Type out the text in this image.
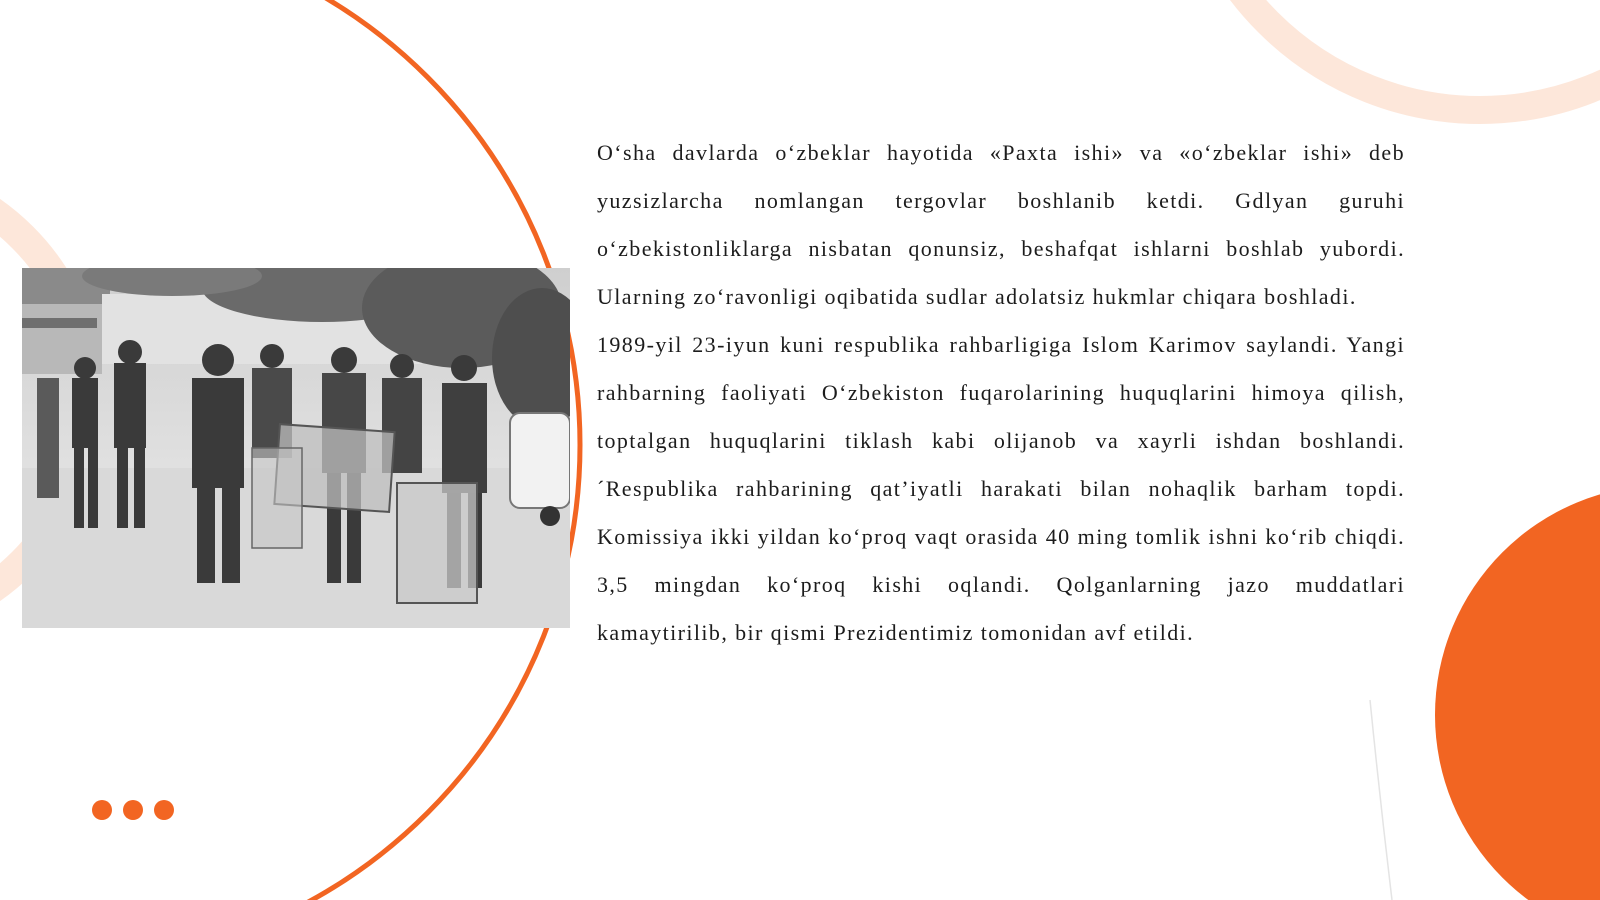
O‘sha davlarda o‘zbeklar hayotida «Paxta ishi» va «o‘zbeklar ishi» deb yuzsizlarcha nomlangan tergovlar boshlanib ketdi. Gdlyan guruhi o‘zbekistonliklarga nisbatan qonunsiz, beshafqat ishlarni boshlab yubordi. Ularning zo‘ravonligi oqibatida sudlar adolatsiz hukmlar chiqara boshladi.

1989-yil 23-iyun kuni respublika rahbarligiga Islom Karimov saylandi. Yangi rahbarning faoliyati O‘zbekiston fuqarolarining huquqlarini himoya qilish, toptalgan huquqlarini tiklash kabi olijanob va xayrli ishdan boshlandi. ´Respublika rahbarining qat’iyatli harakati bilan nohaqlik barham topdi. Komissiya ikki yildan ko‘proq vaqt orasida 40 ming tomlik ishni ko‘rib chiqdi. 3,5 mingdan ko‘proq kishi oqlandi. Qolganlarning jazo muddatlari kamaytirilib, bir qismi Prezidentimiz tomonidan avf etildi.
